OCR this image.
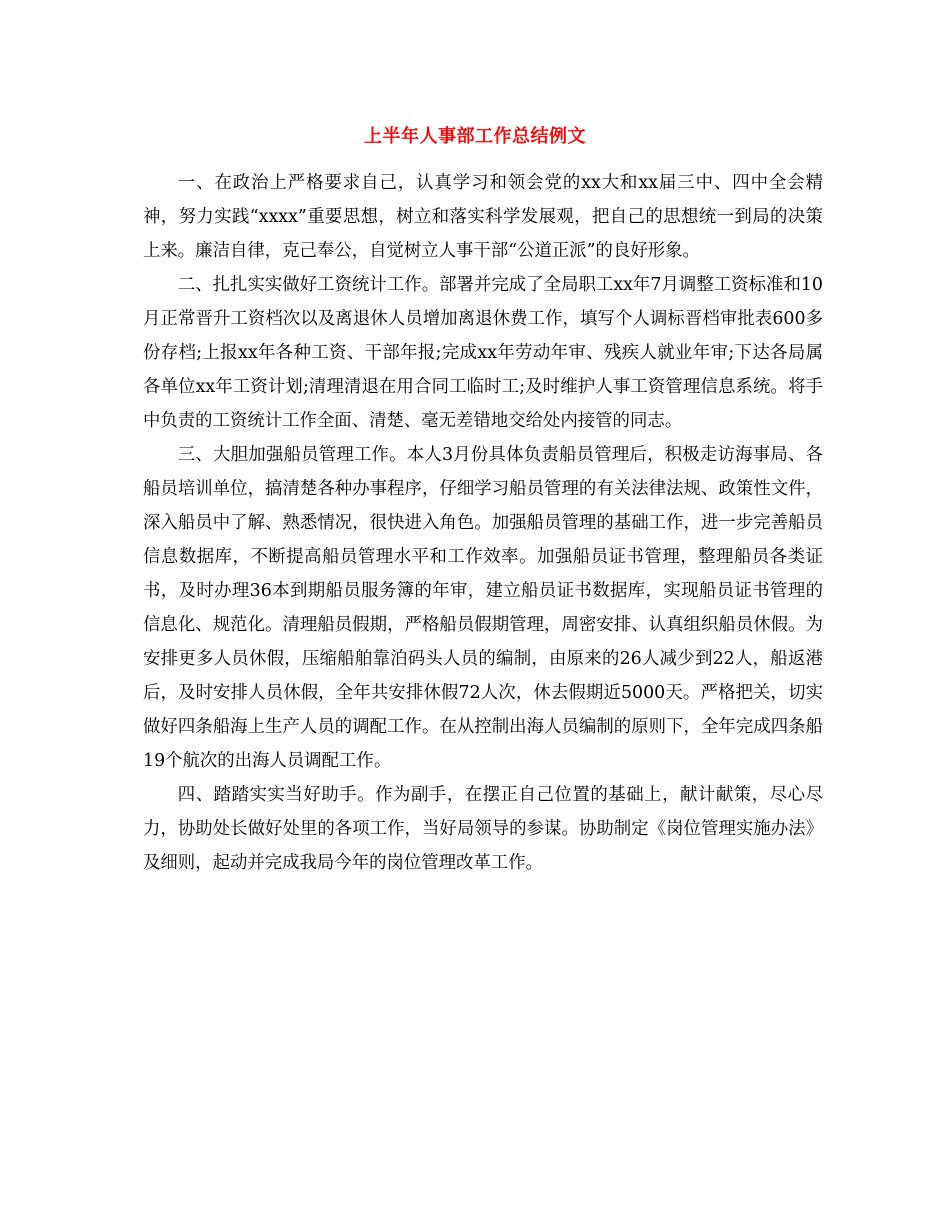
上半年人事部工作总结例文

一、在政治上严格要求自己，认真学习和领会党的xx大和xx届三中、四中全会精神，努力实践“xxxx”重要思想，树立和落实科学发展观，把自己的思想统一到局的决策上来。廉洁自律，克己奉公，自觉树立人事干部“公道正派”的良好形象。

二、扎扎实实做好工资统计工作。部署并完成了全局职工xx年7月调整工资标准和10月正常晋升工资档次以及离退休人员增加离退休费工作，填写个人调标晋档审批表600多份存档;上报xx年各种工资、干部年报;完成xx年劳动年审、残疾人就业年审;下达各局属各单位xx年工资计划;清理清退在用合同工临时工;及时维护人事工资管理信息系统。将手中负责的工资统计工作全面、清楚、毫无差错地交给处内接管的同志。

三、大胆加强船员管理工作。本人3月份具体负责船员管理后，积极走访海事局、各船员培训单位，搞清楚各种办事程序，仔细学习船员管理的有关法律法规、政策性文件，深入船员中了解、熟悉情况，很快进入角色。加强船员管理的基础工作，进一步完善船员信息数据库，不断提高船员管理水平和工作效率。加强船员证书管理，整理船员各类证书，及时办理36本到期船员服务簿的年审，建立船员证书数据库，实现船员证书管理的信息化、规范化。清理船员假期，严格船员假期管理，周密安排、认真组织船员休假。为安排更多人员休假，压缩船舶靠泊码头人员的编制，由原来的26人减少到22人，船返港后，及时安排人员休假，全年共安排休假72人次，休去假期近5000天。严格把关，切实做好四条船海上生产人员的调配工作。在从控制出海人员编制的原则下，全年完成四条船19个航次的出海人员调配工作。

四、踏踏实实当好助手。作为副手，在摆正自己位置的基础上，献计献策，尽心尽力，协助处长做好处里的各项工作，当好局领导的参谋。协助制定《岗位管理实施办法》及细则，起动并完成我局今年的岗位管理改革工作。
